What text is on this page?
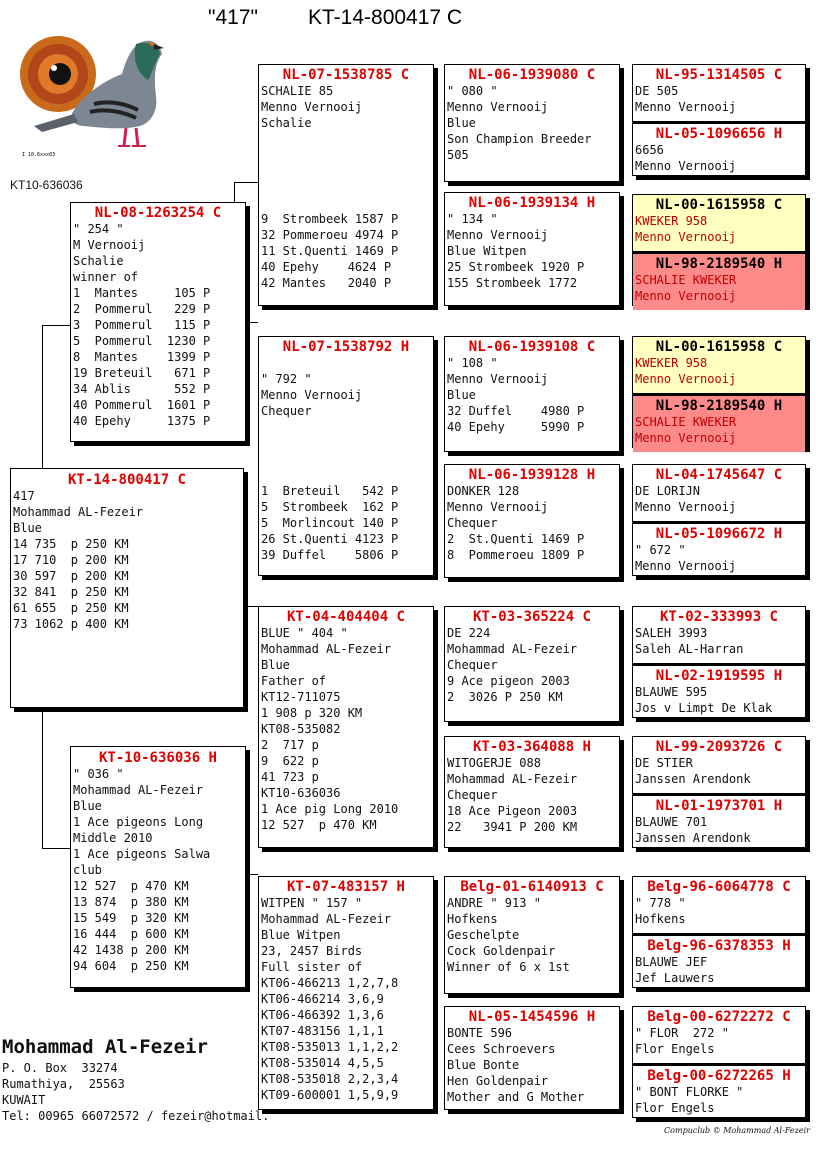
"417" KT-14-800417 C
I 10.6xxx03
KT10-636036
KT-14-800417 C
417
Mohammad AL-Fezeir
Blue
14 735  p 250 KM
17 710  p 200 KM
30 597  p 200 KM
32 841  p 250 KM
61 655  p 250 KM
73 1062 p 400 KM
NL-08-1263254 C
" 254 "
M Vernooij
Schalie
winner of
1  Mantes     105 P
2  Pommerul   229 P
3  Pommerul   115 P
5  Pommerul  1230 P
8  Mantes    1399 P
19 Breteuil   671 P
34 Ablis      552 P
40 Pommerul  1601 P
40 Epehy     1375 P
KT-10-636036 H
" 036 "
Mohammad AL-Fezeir
Blue
1 Ace pigeons Long
Middle 2010
1 Ace pigeons Salwa
club
12 527  p 470 KM
13 874  p 380 KM
15 549  p 320 KM
16 444  p 600 KM
42 1438 p 200 KM
94 604  p 250 KM
NL-07-1538785 C
SCHALIE 85
Menno Vernooij
Schalie

9  Strombeek 1587 P
32 Pommeroeu 4974 P
11 St.Quenti 1469 P
40 Epehy    4624 P
42 Mantes   2040 P
NL-07-1538792 H

" 792 "
Menno Vernooij
Chequer

1  Breteuil   542 P
5  Strombeek  162 P
5  Morlincout 140 P
26 St.Quenti 4123 P
39 Duffel    5806 P
KT-04-404404 C
BLUE " 404 "
Mohammad AL-Fezeir
Blue
Father of
KT12-711075
1 908 p 320 KM
KT08-535082
2  717 p
9  622 p
41 723 p
KT10-636036
1 Ace pig Long 2010
12 527  p 470 KM
KT-07-483157 H
WITPEN " 157 "
Mohammad AL-Fezeir
Blue Witpen
23, 2457 Birds
Full sister of
KT06-466213 1,2,7,8
KT06-466214 3,6,9
KT06-466392 1,3,6
KT07-483156 1,1,1
KT08-535013 1,1,2,2
KT08-535014 4,5,5
KT08-535018 2,2,3,4
KT09-600001 1,5,9,9
NL-06-1939080 C
" 080 "
Menno Vernooij
Blue
Son Champion Breeder
505
NL-06-1939134 H
" 134 "
Menno Vernooij
Blue Witpen
25 Strombeek 1920 P
155 Strombeek 1772
NL-06-1939108 C
" 108 "
Menno Vernooij
Blue
32 Duffel    4980 P
40 Epehy     5990 P
NL-06-1939128 H
DONKER 128
Menno Vernooij
Chequer
2  St.Quenti 1469 P
8  Pommeroeu 1809 P
KT-03-365224 C
DE 224
Mohammad AL-Fezeir
Chequer
9 Ace pigeon 2003
2  3026 P 250 KM
KT-03-364088 H
WITOGERJE 088
Mohammad AL-Fezeir
Chequer
18 Ace Pigeon 2003
22   3941 P 200 KM
Belg-01-6140913 C
ANDRE " 913 "
Hofkens
Geschelpte
Cock Goldenpair
Winner of 6 x 1st
NL-05-1454596 H
BONTE 596
Cees Schroevers
Blue Bonte
Hen Goldenpair
Mother and G Mother
NL-95-1314505 C
DE 505
Menno Vernooij
NL-05-1096656 H
6656
Menno Vernooij
NL-00-1615958 C
KWEKER 958
Menno Vernooij
NL-98-2189540 H
SCHALIE KWEKER
Menno Vernooij
NL-00-1615958 C
KWEKER 958
Menno Vernooij
NL-98-2189540 H
SCHALIE KWEKER
Menno Vernooij
NL-04-1745647 C
DE LORIJN
Menno Vernooij
NL-05-1096672 H
" 672 "
Menno Vernooij
KT-02-333993 C
SALEH 3993
Saleh AL-Harran
NL-02-1919595 H
BLAUWE 595
Jos v Limpt De Klak
NL-99-2093726 C
DE STIER
Janssen Arendonk
NL-01-1973701 H
BLAUWE 701
Janssen Arendonk
Belg-96-6064778 C
" 778 "
Hofkens
Belg-96-6378353 H
BLAUWE JEF
Jef Lauwers
Belg-00-6272272 C
" FLOR  272 "
Flor Engels
Belg-00-6272265 H
" BONT FLORKE "
Flor Engels
Mohammad Al-Fezeir
P. O. Box  33274
Rumathiya,  25563
KUWAIT
Tel: 00965 66072572 / fezeir@hotmail.
Compuclub © Mohammad Al-Fezeir
